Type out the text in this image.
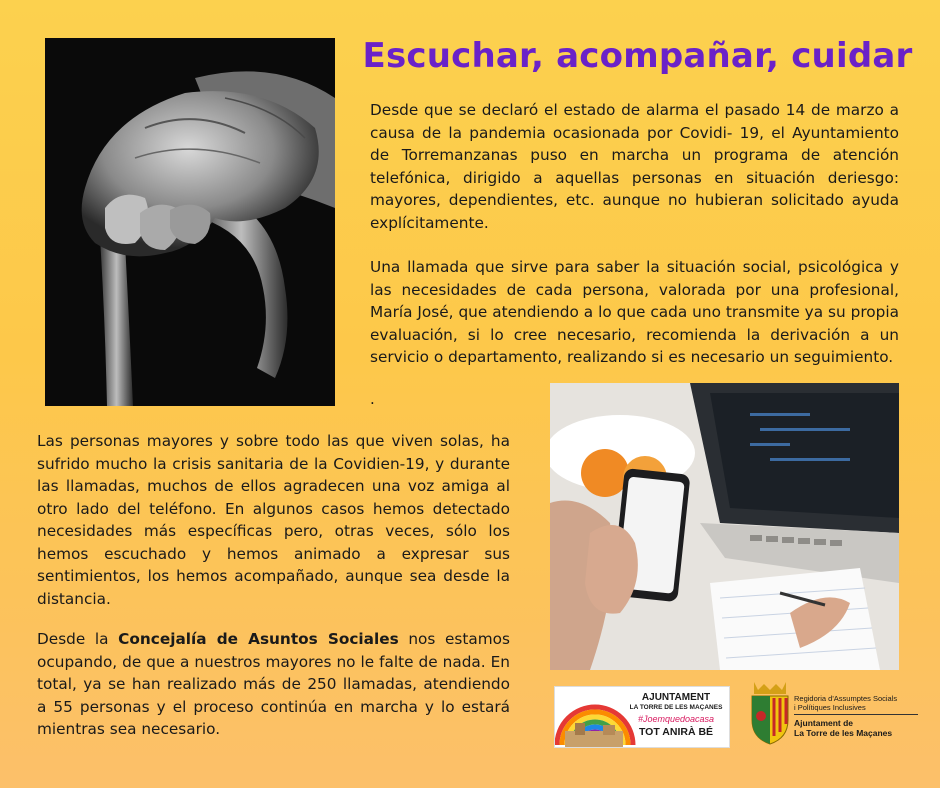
Escuchar, acompañar, cuidar
Desde que se declaró el estado de alarma el pasado 14 de marzo a causa de la pandemia ocasionada por Covidi- 19, el Ayuntamiento de Torremanzanas puso en marcha un programa de atención telefónica, dirigido a aquellas personas en situación deriesgo: mayores, dependientes, etc. aunque no hubieran solicitado ayuda explícitamente.
Una llamada que sirve para saber la situación social, psicológica y las necesidades de cada persona, valorada por una profesional, María José, que atendiendo a lo que cada uno transmite ya su propia evaluación, si lo cree necesario, recomienda la derivación a un servicio o departamento, realizando si es necesario un seguimiento.
.
Las personas mayores y sobre todo las que viven solas, ha sufrido mucho la crisis sanitaria de la Covidien-19, y durante las llamadas, muchos de ellos agradecen una voz amiga al otro lado del teléfono. En algunos casos hemos detectado necesidades más específicas pero, otras veces, sólo los hemos escuchado y hemos animado a expresar sus sentimientos, los hemos acompañado, aunque sea desde la distancia.
Desde la Concejalía de Asuntos Sociales nos estamos ocupando, de que a nuestros mayores no le falte de nada. En total, ya se han realizado más de 250 llamadas, atendiendo a 55 personas y el proceso continúa en marcha y lo estará mientras sea necesario.
AJUNTAMENT
LA TORRE DE LES MAÇANES
#Joemquedoacasa
TOT ANIRÀ BÉ
Regidoria d'Assumptes Socials
i Polítiques Inclusives
Ajuntament de
La Torre de les Maçanes
